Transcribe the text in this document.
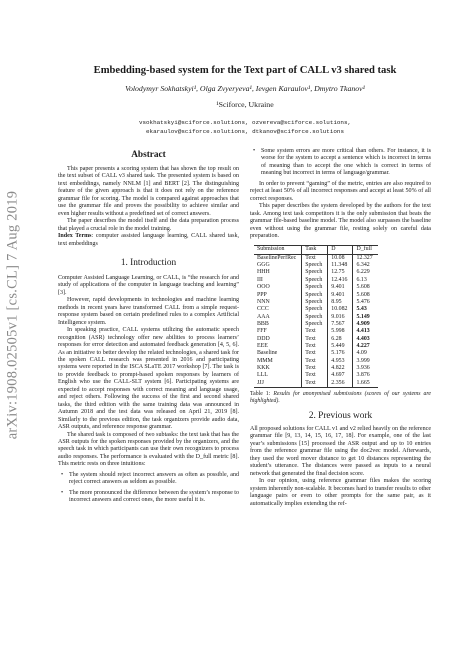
arXiv:1908.02505v1 [cs.CL] 7 Aug 2019
Embedding-based system for the Text part of CALL v3 shared task
Volodymyr Sokhatskyi¹, Olga Zvyeryeva¹, Ievgen Karaulov¹, Dmytro Tkanov¹
¹Sciforce, Ukraine
vsokhatskyi@sciforce.solutions, ozvereva@sciforce.solutions,
ekaraulov@sciforce.solutions, dtkanov@sciforce.solutions
Abstract

This paper presents a scoring system that has shown the top result on the text subset of CALL v3 shared task. The presented system is based on text embeddings, namely NNLM [1] and BERT [2]. The distinguishing feature of the given approach is that it does not rely on the reference grammar file for scoring. The model is compared against approaches that use the grammar file and proves the possibility to achieve similar and even higher results without a predefined set of correct answers.

The paper describes the model itself and the data preparation process that played a crucial role in the model training.

Index Terms: computer assisted language learning, CALL shared task, text embeddings

1. Introduction

Computer Assisted Language Learning, or CALL, is “the research for and study of applications of the computer in language teaching and learning” [3].

However, rapid developments in technologies and machine learning methods in recent years have transformed CALL from a simple request-response system based on certain predefined rules to a complex Artificial Intelligence system.

In speaking practice, CALL systems utilizing the automatic speech recognition (ASR) technology offer new abilities to process learners’ responses for error detection and automated feedback generation [4, 5, 6]. As an initiative to better develop the related technologies, a shared task for the spoken CALL research was presented in 2016 and participating systems were reported in the ISCA SLaTE 2017 workshop [7]. The task is to provide feedback to prompt-based spoken responses by learners of English who use the CALL-SLT system [6]. Participating systems are expected to accept responses with correct meaning and language usage, and reject others. Following the success of the first and second shared tasks, the third edition with the same training data was announced in Autumn 2018 and the test data was released on April 21, 2019 [8]. Similarly to the previous edition, the task organizers provide audio data, ASR outputs, and reference response grammar.

The shared task is composed of two subtasks: the text task that has the ASR outputs for the spoken responses provided by the organizers, and the speech task in which participants can use their own recognizers to process audio responses. The performance is evaluated with the D_full metric [8]. This metric rests on three intuitions:

• The system should reject incorrect answers as often as possible, and reject correct answers as seldom as possible.
• The more pronounced the difference between the system’s response to incorrect answers and correct ones, the more useful it is.
• Some system errors are more critical than others. For instance, it is worse for the system to accept a sentence which is incorrect in terms of meaning than to accept the one which is correct in terms of meaning but incorrect in terms of language/grammar.

In order to prevent “gaming” of the metric, entries are also required to reject at least 50% of all incorrect responses and accept at least 50% of all correct responses.

This paper describes the system developed by the authors for the text task. Among text task competitors it is the only submission that beats the grammar file-based baseline model. The model also surpasses the baseline even without using the grammar file, resting solely on careful data preparation.

Submission	Task	D	D_full
BaselinePerfRec	Text	10.08	12.327
GGG	Speech	11.348	6.342
HHH	Speech	12.75	6.229
III	Speech	12.416	6.13
OOO	Speech	9.401	5.608
PPP	Speech	9.401	5.608
NNN	Speech	8.95	5.476
CCC	Speech	10.082	5.43
AAA	Speech	9.016	5.149
BBB	Speech	7.567	4.909
FFF	Text	5.998	4.413
DDD	Text	6.28	4.403
EEE	Text	5.449	4.227
Baseline	Text	5.176	4.09
MMM	Text	4.953	3.999
KKK	Text	4.822	3.936
LLL	Text	4.697	3.876
JJJ	Text	2.356	1.665

Table 1: Results for anonymised submissions (scores of our systems are highlighted).

2. Previous work

All proposed solutions for CALL v1 and v2 relied heavily on the reference grammar file [9, 13, 14, 15, 16, 17, 18]. For example, one of the last year’s submissions [15] processed the ASR output and up to 10 entries from the reference grammar file using the doc2vec model. Afterwards, they used the word mover distance to get 10 distances representing the student’s utterance. The distances were passed as inputs to a neural network that generated the final decision score.

In our opinion, using reference grammar files makes the scoring system inherently non-scalable. It becomes hard to transfer results to other language pairs or even to other prompts for the same pair, as it automatically implies extending the ref-
